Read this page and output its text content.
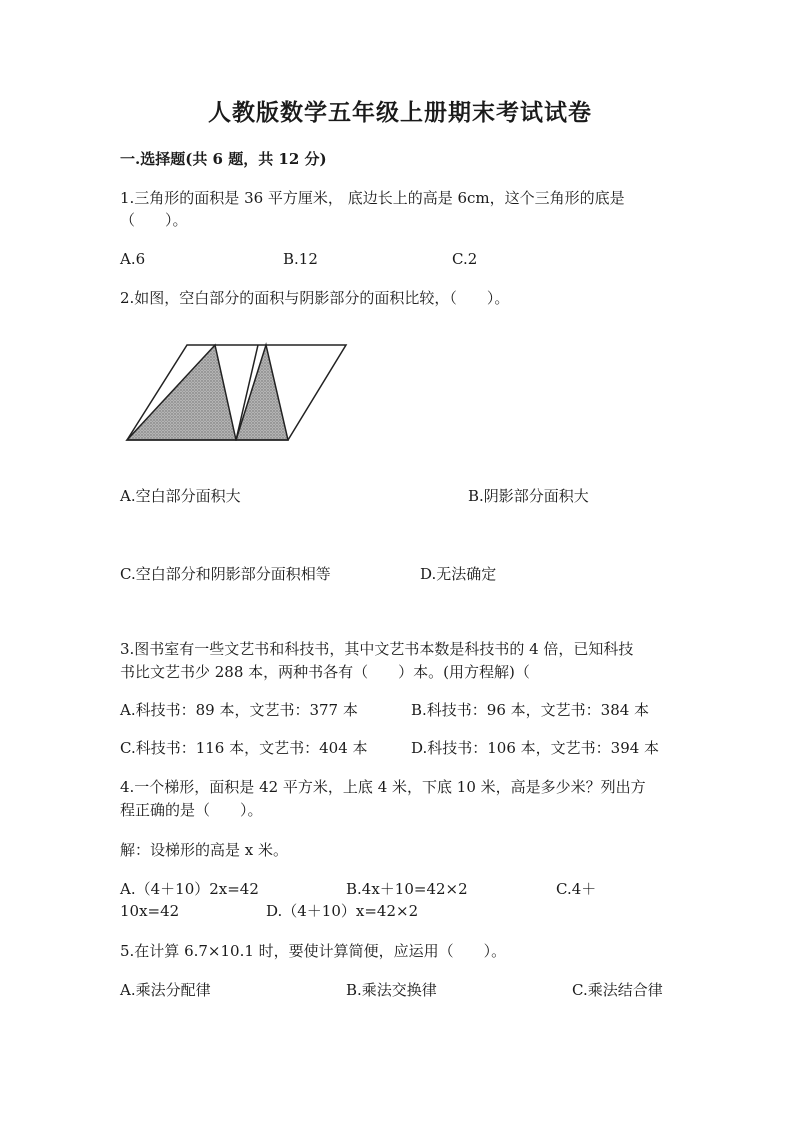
人教版数学五年级上册期末考试试卷
一.选择题(共 6 题，共 12 分)
1.三角形的面积是 36 平方厘米， 底边长上的高是 6cm，这个三角形的底是
（　　）。
A.6	B.12	C.2
2.如图，空白部分的面积与阴影部分的面积比较，（　　）。
A.空白部分面积大	B.阴影部分面积大
C.空白部分和阴影部分面积相等	D.无法确定
3.图书室有一些文艺书和科技书，其中文艺书本数是科技书的 4 倍，已知科技
书比文艺书少 288 本，两种书各有（　　）本。(用方程解)（
A.科技书：89 本，文艺书：377 本	B.科技书：96 本，文艺书：384 本
C.科技书：116 本，文艺书：404 本	D.科技书：106 本，文艺书：394 本
4.一个梯形，面积是 42 平方米，上底 4 米，下底 10 米，高是多少米？列出方
程正确的是（　　）。
解：设梯形的高是 x 米。
A.（4＋10）2x=42	B.4x＋10=42×2	C.4＋
10x=42	D.（4＋10）x=42×2
5.在计算 6.7×10.1 时，要使计算简便，应运用（　　）。
A.乘法分配律	B.乘法交换律	C.乘法结合律
